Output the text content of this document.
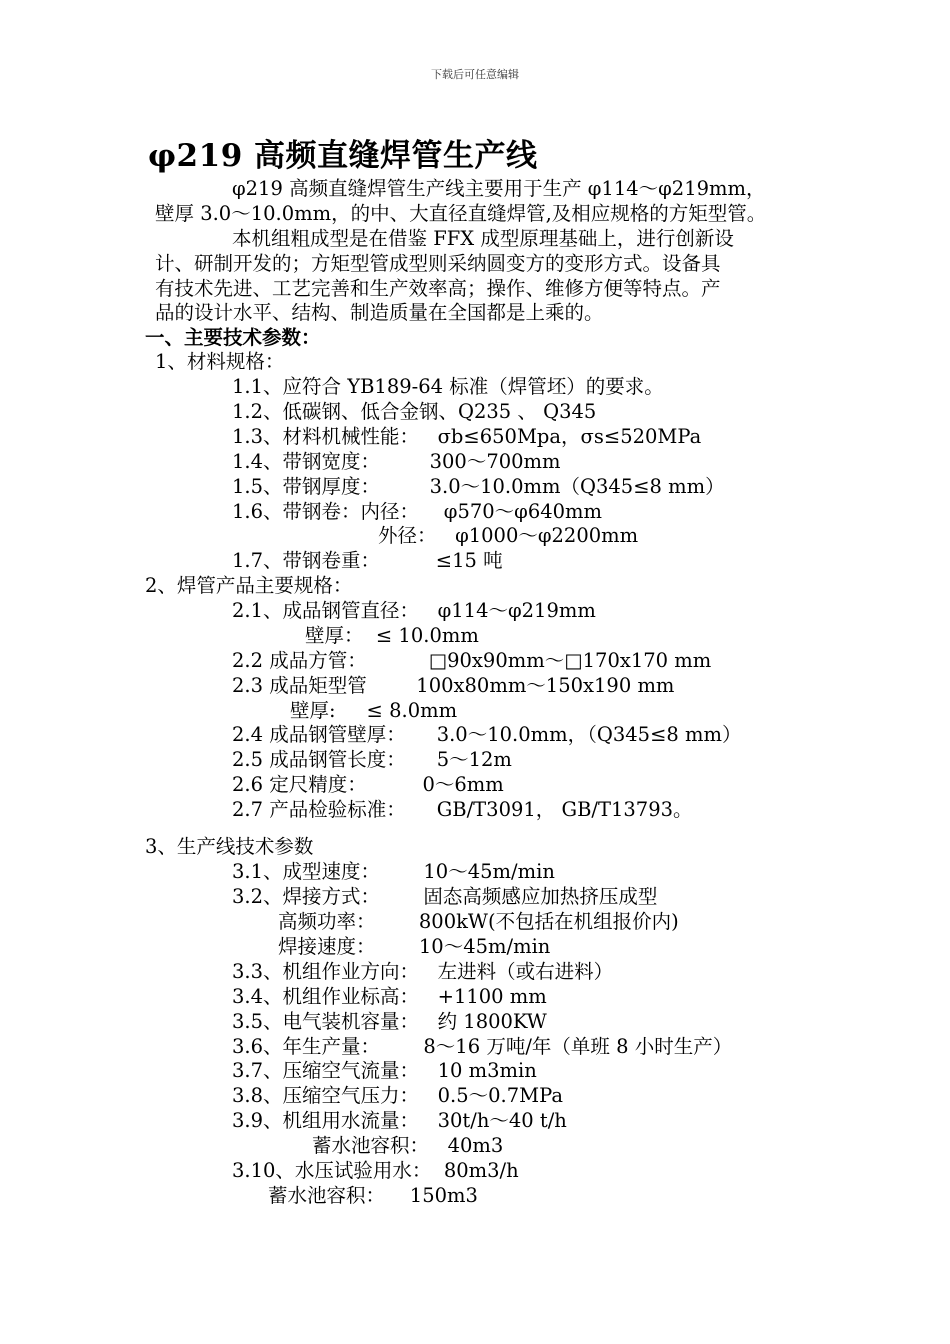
下载后可任意编辑
φ219 高频直缝焊管生产线
φ219 高频直缝焊管生产线主要用于生产 φ114～φ219mm，
壁厚 3.0～10.0mm，的中、大直径直缝焊管,及相应规格的方矩型管。
本机组粗成型是在借鉴 FFX 成型原理基础上，进行创新设
计、研制开发的；方矩型管成型则采纳圆变方的变形方式。设备具
有技术先进、工艺完善和生产效率高；操作、维修方便等特点。产
品的设计水平、结构、制造质量在全国都是上乘的。
一、主要技术参数：
1、材料规格：
1.1、应符合 YB189-64 标准（焊管坯）的要求。
1.2、低碳钢、低合金钢、Q235 、 Q345
1.3、材料机械性能：   σb≤650Mpa，σs≤520MPa
1.4、带钢宽度：        300～700mm
1.5、带钢厚度：        3.0～10.0mm（Q345≤8 mm）
1.6、带钢卷：内径：    φ570～φ640mm
外径：   φ1000～φ2200mm
1.7、带钢卷重：         ≤15 吨
2、焊管产品主要规格：
2.1、成品钢管直径：   φ114～φ219mm
壁厚：  ≤ 10.0mm
2.2 成品方管：          □90x90mm～□170x170 mm
2.3 成品矩型管        100x80mm～150x190 mm
壁厚:     ≤ 8.0mm
2.4 成品钢管壁厚：     3.0～10.0mm，（Q345≤8 mm）
2.5 成品钢管长度：     5～12m
2.6 定尺精度：         0～6mm
2.7 产品检验标准：     GB/T3091， GB/T13793。
3、生产线技术参数
3.1、成型速度：       10～45m/min
3.2、焊接方式：       固态高频感应加热挤压成型
高频功率：       800kW(不包括在机组报价内)
焊接速度：       10～45m/min
3.3、机组作业方向：   左进料（或右进料）
3.4、机组作业标高：   +1100 mm
3.5、电气装机容量：   约 1800KW
3.6、年生产量：       8～16 万吨/年（单班 8 小时生产）
3.7、压缩空气流量：   10 m3min
3.8、压缩空气压力：   0.5～0.7MPa
3.9、机组用水流量：   30t/h～40 t/h
蓄水池容积：   40m3
3.10、水压试验用水：  80m3/h
蓄水池容积：    150m3
